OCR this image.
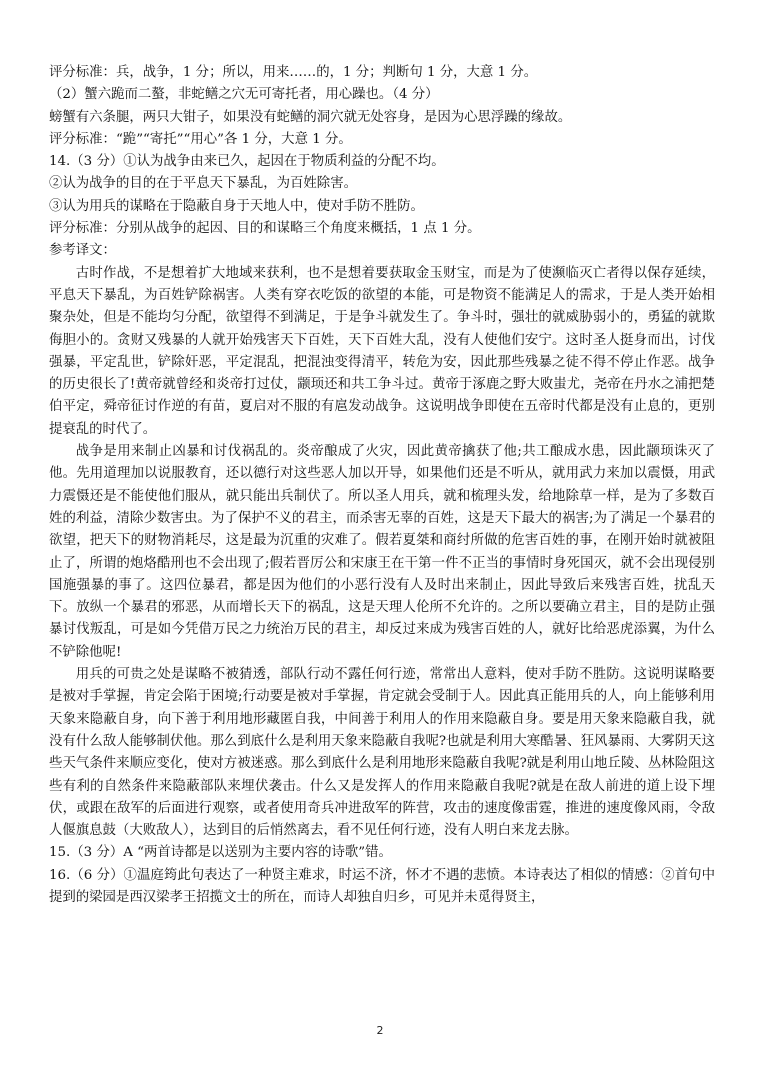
评分标准：兵，战争，1 分；所以，用来……的，1 分；判断句 1 分，大意 1 分。
（2）蟹六跪而二螯，非蛇鳝之穴无可寄托者，用心躁也。（4 分）
螃蟹有六条腿，两只大钳子，如果没有蛇鳝的洞穴就无处容身，是因为心思浮躁的缘故。
评分标准：“跪”“寄托”“用心”各 1 分，大意 1 分。
14.（3 分）①认为战争由来已久，起因在于物质利益的分配不均。
②认为战争的目的在于平息天下暴乱，为百姓除害。
③认为用兵的谋略在于隐蔽自身于天地人中，使对手防不胜防。
评分标准：分别从战争的起因、目的和谋略三个角度来概括，1 点 1 分。
参考译文：

古时作战，不是想着扩大地域来获利，也不是想着要获取金玉财宝，而是为了使濒临灭亡者得以保存延续，平息天下暴乱，为百姓铲除祸害。人类有穿衣吃饭的欲望的本能，可是物资不能满足人的需求，于是人类开始相聚杂处，但是不能均匀分配，欲望得不到满足，于是争斗就发生了。争斗时，强壮的就威胁弱小的，勇猛的就欺侮胆小的。贪财又残暴的人就开始残害天下百姓，天下百姓大乱，没有人使他们安宁。这时圣人挺身而出，讨伐强暴，平定乱世，铲除奸恶，平定混乱，把混浊变得清平，转危为安，因此那些残暴之徒不得不停止作恶。战争的历史很长了!黄帝就曾经和炎帝打过仗，颛顼还和共工争斗过。黄帝于涿鹿之野大败蚩尤，尧帝在丹水之浦把楚伯平定，舜帝征讨作逆的有苗，夏启对不服的有扈发动战争。这说明战争即使在五帝时代都是没有止息的，更别提衰乱的时代了。

战争是用来制止凶暴和讨伐祸乱的。炎帝酿成了火灾，因此黄帝擒获了他;共工酿成水患，因此颛顼诛灭了他。先用道理加以说服教育，还以德行对这些恶人加以开导，如果他们还是不听从，就用武力来加以震慑，用武力震慑还是不能使他们服从，就只能出兵制伏了。所以圣人用兵，就和梳理头发，给地除草一样，是为了多数百姓的利益，清除少数害虫。为了保护不义的君主，而杀害无辜的百姓，这是天下最大的祸害;为了满足一个暴君的欲望，把天下的财物消耗尽，这是最为沉重的灾难了。假若夏桀和商纣所做的危害百姓的事，在刚开始时就被阻止了，所谓的炮烙酷刑也不会出现了;假若晋厉公和宋康王在干第一件不正当的事情时身死国灭，就不会出现侵别国施强暴的事了。这四位暴君，都是因为他们的小恶行没有人及时出来制止，因此导致后来残害百姓，扰乱天下。放纵一个暴君的邪恶，从而增长天下的祸乱，这是天理人伦所不允许的。之所以要确立君主，目的是防止强暴讨伐叛乱，可是如今凭借万民之力统治万民的君主，却反过来成为残害百姓的人，就好比给恶虎添翼，为什么不铲除他呢!

用兵的可贵之处是谋略不被猜透，部队行动不露任何行迹，常常出人意料，使对手防不胜防。这说明谋略要是被对手掌握，肯定会陷于困境;行动要是被对手掌握，肯定就会受制于人。因此真正能用兵的人，向上能够利用天象来隐蔽自身，向下善于利用地形藏匿自我，中间善于利用人的作用来隐蔽自身。要是用天象来隐蔽自我，就没有什么敌人能够制伏他。那么到底什么是利用天象来隐蔽自我呢?也就是利用大寒酷暑、狂风暴雨、大雾阴天这些天气条件来顺应变化，使对方被迷惑。那么到底什么是利用地形来隐蔽自我呢?就是利用山地丘陵、丛林险阻这些有利的自然条件来隐蔽部队来埋伏袭击。什么又是发挥人的作用来隐蔽自我呢?就是在敌人前进的道上设下埋伏，或跟在敌军的后面进行观察，或者使用奇兵冲进敌军的阵营，攻击的速度像雷霆，推进的速度像风雨，令敌人偃旗息鼓（大败敌人），达到目的后悄然离去，看不见任何行迹，没有人明白来龙去脉。

15.（3 分）A “两首诗都是以送别为主要内容的诗歌”错。

16.（6 分）①温庭筠此句表达了一种贤主难求，时运不济，怀才不遇的悲愤。本诗表达了相似的情感：②首句中提到的梁园是西汉梁孝王招揽文士的所在，而诗人却独自归乡，可见并未觅得贤主，

2
